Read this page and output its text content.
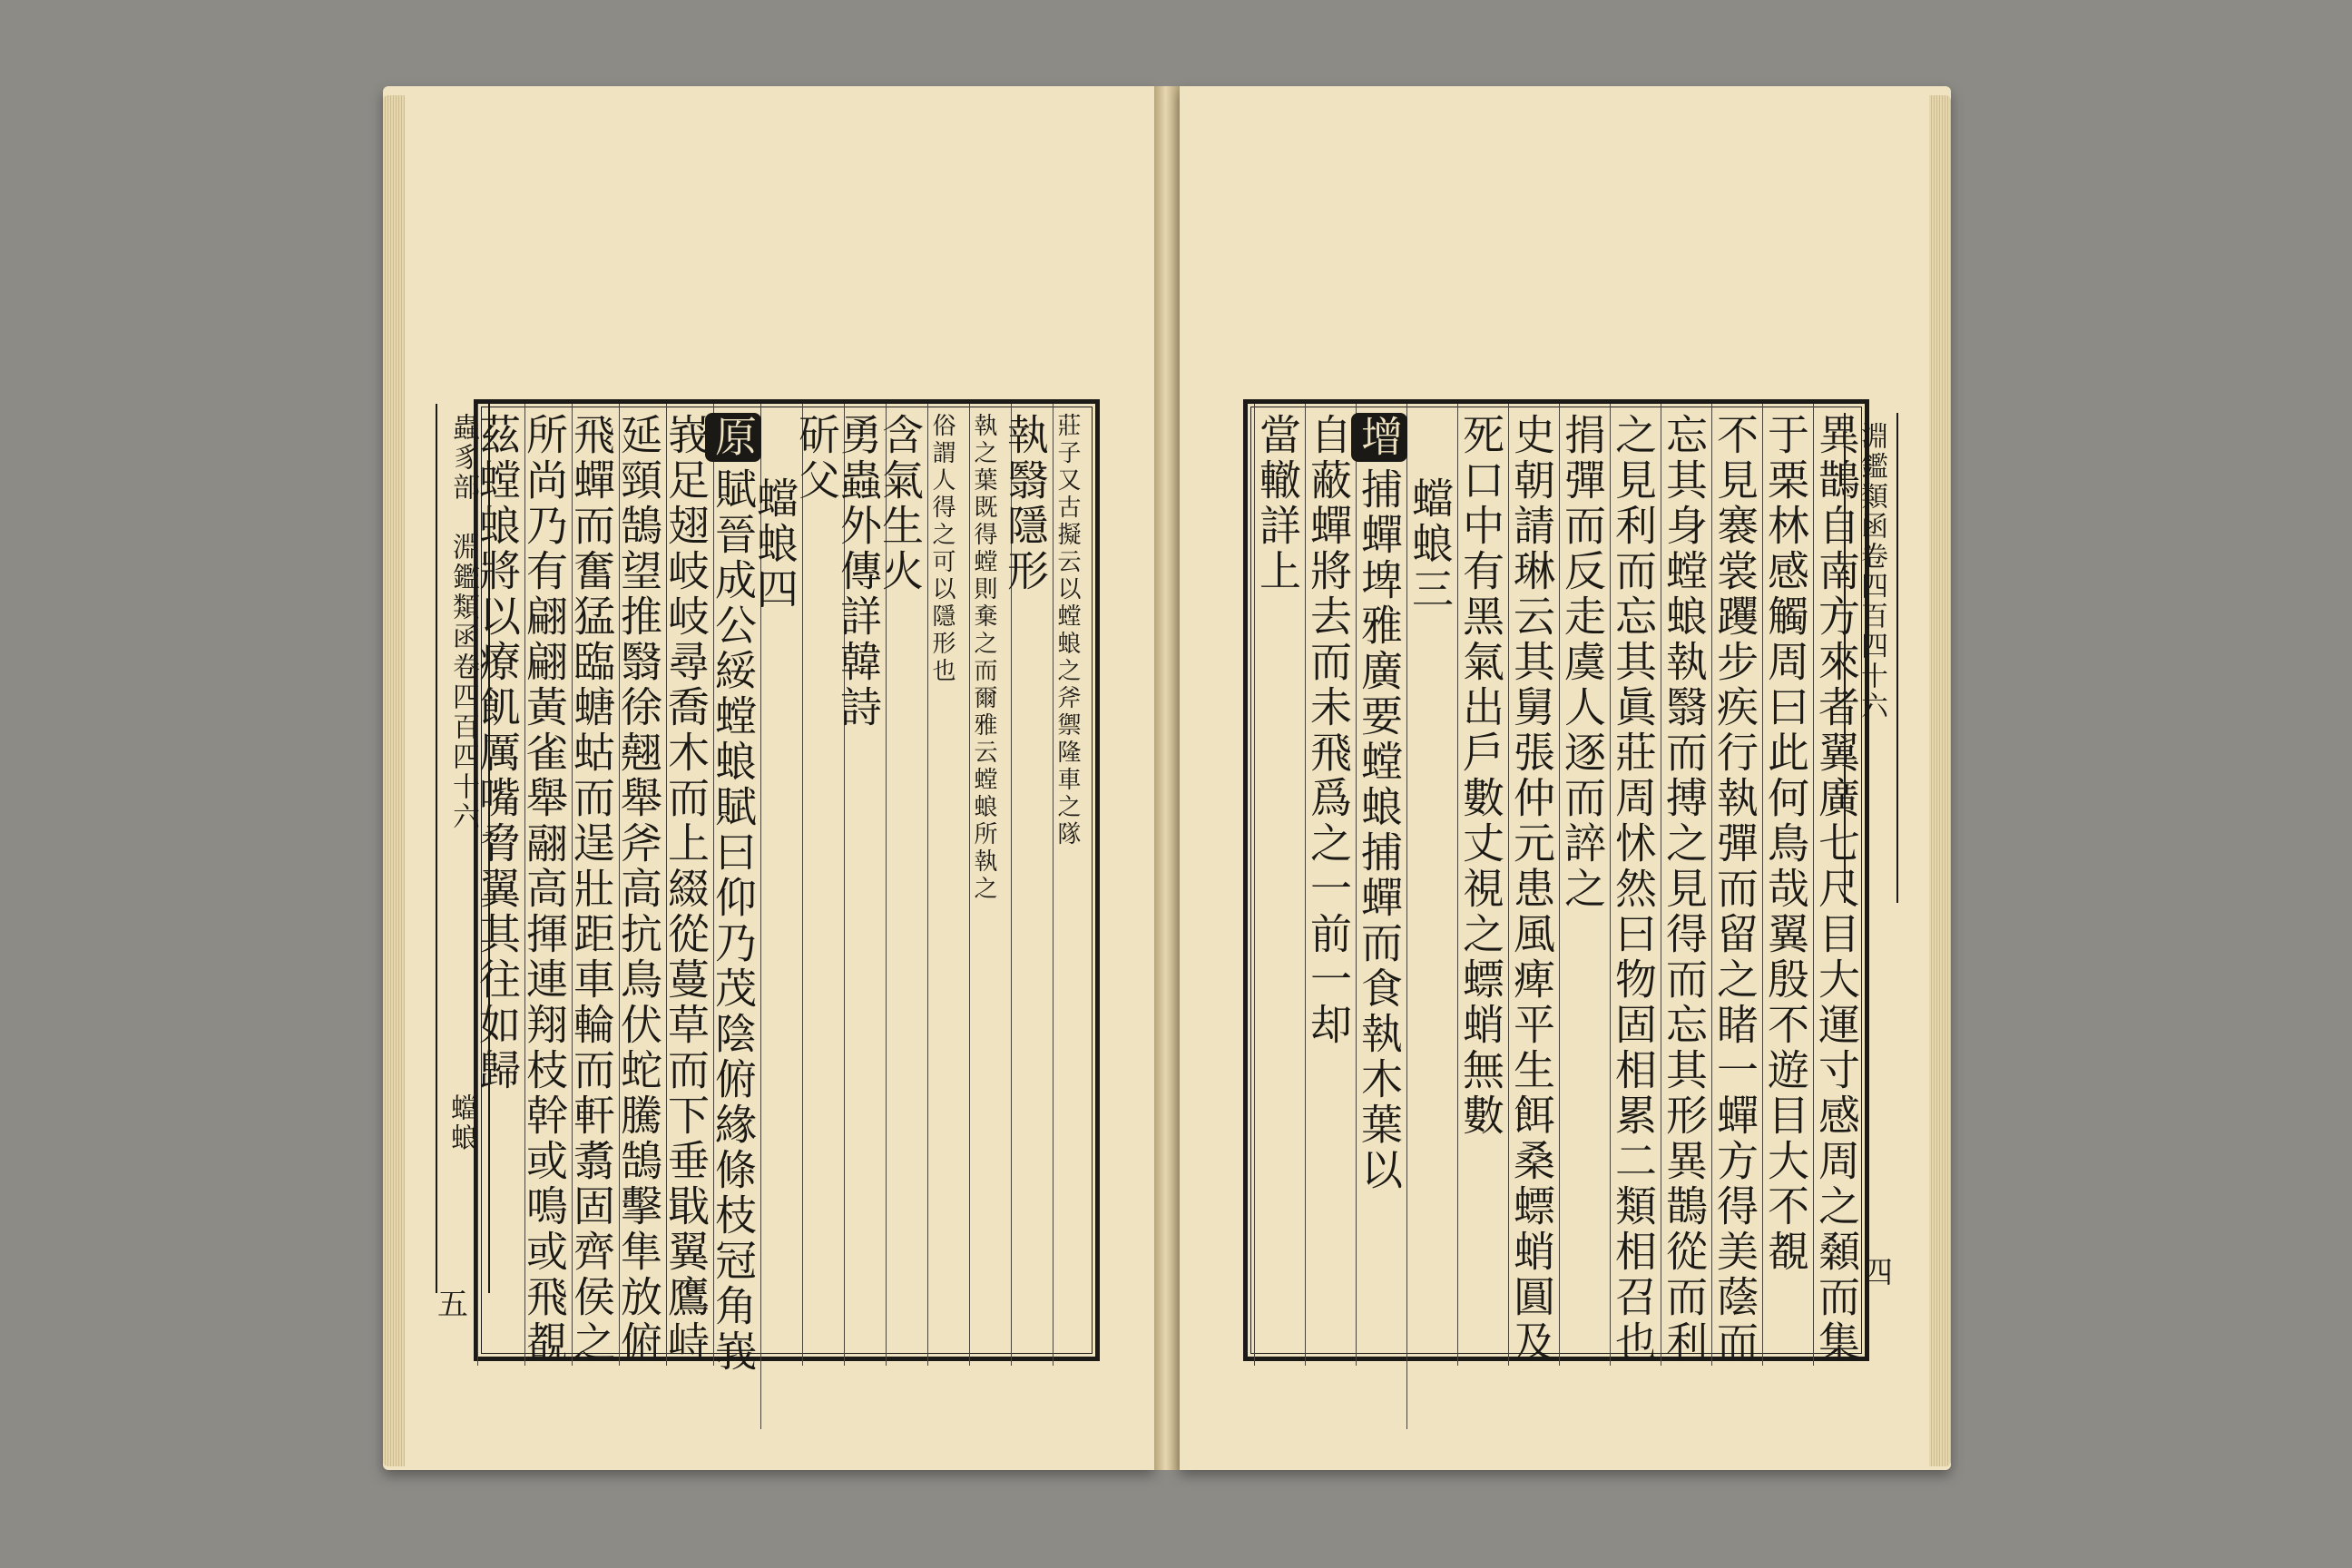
莊子又古擬云以螳蜋之斧禦隆車之隊
執翳隱形
執之葉既得螳則棄之而爾雅云螳蜋所執之
俗謂人得之可以隱形也
含氣生火
勇蟲外傳詳韓詩
斫父
蟷蜋四
原賦晉成公綏螳蜋賦曰仰乃茂陰俯緣條枝冠角峩
峩足翅岐岐尋喬木而上綴從蔓草而下垂戢翼鷹峙
延頸鵠望推翳徐翹舉斧高抗鳥伏蛇騰鵠擊隼放俯
飛蟬而奮猛臨螗蛄而逞壯距車輪而軒翥固齊侯之
所尚乃有翩翩黃雀舉翮高揮連翔枝幹或鳴或飛覩
茲螳蜋將以療飢厲嘴脅翼其往如歸
蟲豸部　淵鑑類函卷四百四十六
蟷蜋
五	異鵲自南方來者翼廣七尺目大運寸感周之顙而集
于栗林感觸周曰此何鳥哉翼殷不遊目大不覩
不見褰裳躩步疾行執彈而留之睹一蟬方得美蔭而
忘其身螳蜋執翳而搏之見得而忘其形異鵲從而利
之見利而忘其眞莊周怵然曰物固相累二類相召也
捐彈而反走虞人逐而誶之
史朝請琳云其舅張仲元患風痺平生餌桑螵蛸圓及
死口中有黑氣出戶數丈視之螵蛸無數
蟷蜋三
增捕蟬埤雅廣要螳蜋捕蟬而食執木葉以
自蔽蟬將去而未飛爲之一前一却
當轍詳上	淵鑑類函卷四百四十六
四
